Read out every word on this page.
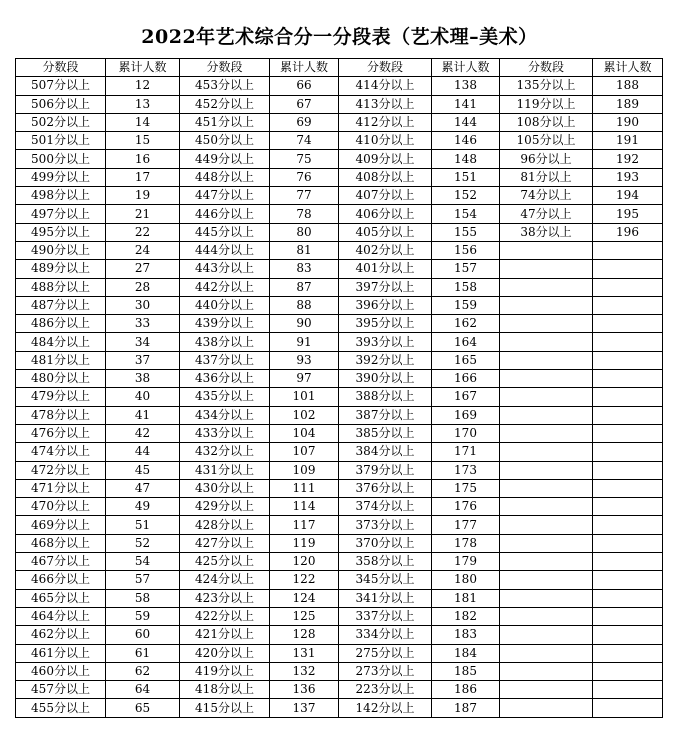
2022年艺术综合分一分段表（艺术理–美术）
分数段	累计人数	分数段	累计人数	分数段	累计人数	分数段	累计人数
507分以上	12	453分以上	66	414分以上	138	135分以上	188
506分以上	13	452分以上	67	413分以上	141	119分以上	189
502分以上	14	451分以上	69	412分以上	144	108分以上	190
501分以上	15	450分以上	74	410分以上	146	105分以上	191
500分以上	16	449分以上	75	409分以上	148	96分以上	192
499分以上	17	448分以上	76	408分以上	151	81分以上	193
498分以上	19	447分以上	77	407分以上	152	74分以上	194
497分以上	21	446分以上	78	406分以上	154	47分以上	195
495分以上	22	445分以上	80	405分以上	155	38分以上	196
490分以上	24	444分以上	81	402分以上	156		
489分以上	27	443分以上	83	401分以上	157		
488分以上	28	442分以上	87	397分以上	158		
487分以上	30	440分以上	88	396分以上	159		
486分以上	33	439分以上	90	395分以上	162		
484分以上	34	438分以上	91	393分以上	164		
481分以上	37	437分以上	93	392分以上	165		
480分以上	38	436分以上	97	390分以上	166		
479分以上	40	435分以上	101	388分以上	167		
478分以上	41	434分以上	102	387分以上	169		
476分以上	42	433分以上	104	385分以上	170		
474分以上	44	432分以上	107	384分以上	171		
472分以上	45	431分以上	109	379分以上	173		
471分以上	47	430分以上	111	376分以上	175		
470分以上	49	429分以上	114	374分以上	176		
469分以上	51	428分以上	117	373分以上	177		
468分以上	52	427分以上	119	370分以上	178		
467分以上	54	425分以上	120	358分以上	179		
466分以上	57	424分以上	122	345分以上	180		
465分以上	58	423分以上	124	341分以上	181		
464分以上	59	422分以上	125	337分以上	182		
462分以上	60	421分以上	128	334分以上	183		
461分以上	61	420分以上	131	275分以上	184		
460分以上	62	419分以上	132	273分以上	185		
457分以上	64	418分以上	136	223分以上	186		
455分以上	65	415分以上	137	142分以上	187		
